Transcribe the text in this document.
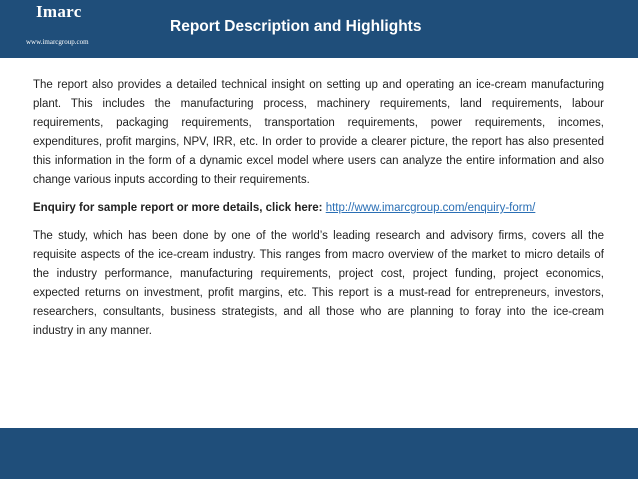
Imarc
www.imarcgroup.com
Report Description and Highlights

The report also provides a detailed technical insight on setting up and operating an ice-cream manufacturing plant. This includes the manufacturing process, machinery requirements, land requirements, labour requirements, packaging requirements, transportation requirements, power requirements, incomes, expenditures, profit margins, NPV, IRR, etc. In order to provide a clearer picture, the report has also presented this information in the form of a dynamic excel model where users can analyze the entire information and also change various inputs according to their requirements.

Enquiry for sample report or more details, click here: http://www.imarcgroup.com/enquiry-form/

The study, which has been done by one of the world’s leading research and advisory firms, covers all the requisite aspects of the ice-cream industry. This ranges from macro overview of the market to micro details of the industry performance, manufacturing requirements, project cost, project funding, project economics, expected returns on investment, profit margins, etc. This report is a must-read for entrepreneurs, investors, researchers, consultants, business strategists, and all those who are planning to foray into the ice-cream industry in any manner.
